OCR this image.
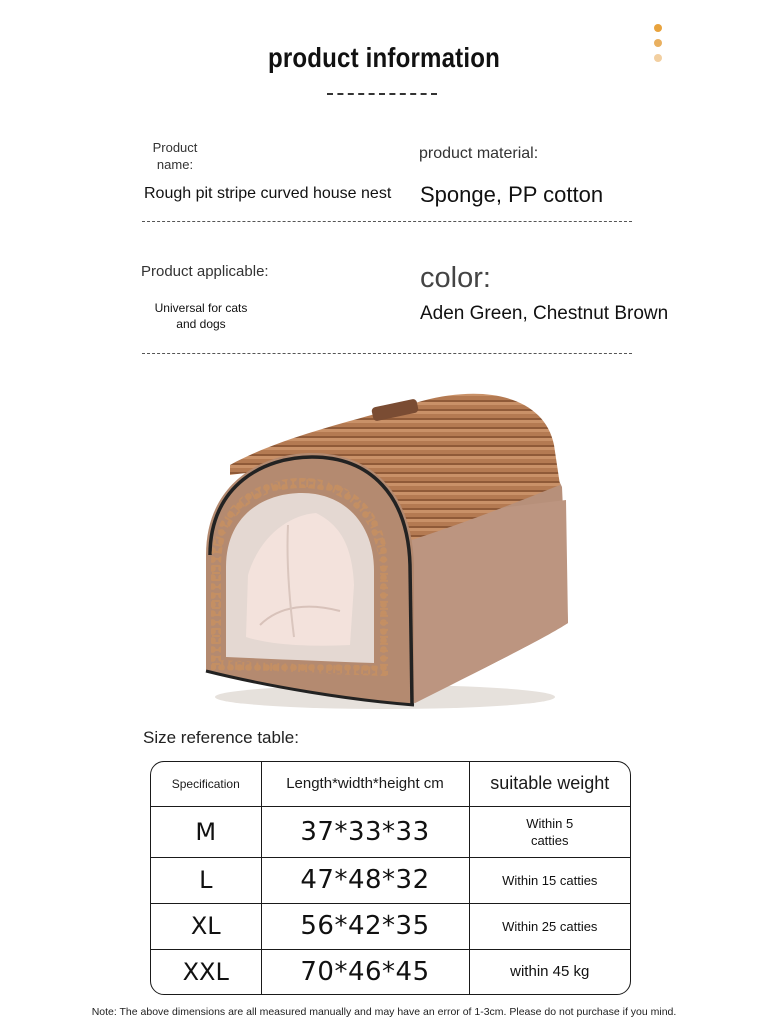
product information
Product name:
Rough pit stripe curved house nest
product material:
Sponge, PP cotton
Product applicable:
Universal for cats and dogs
color:
Aden Green, Chestnut Brown
Size reference table:
Specification	Length*width*height cm	suitable weight
M	37*33*33	Within 5 catties

L	47*48*32	Within 15 catties
XL	56*42*35	Within 25 catties
XXL	70*46*45	within 45 kg
Note: The above dimensions are all measured manually and may have an error of 1-3cm. Please do not purchase if you mind.
